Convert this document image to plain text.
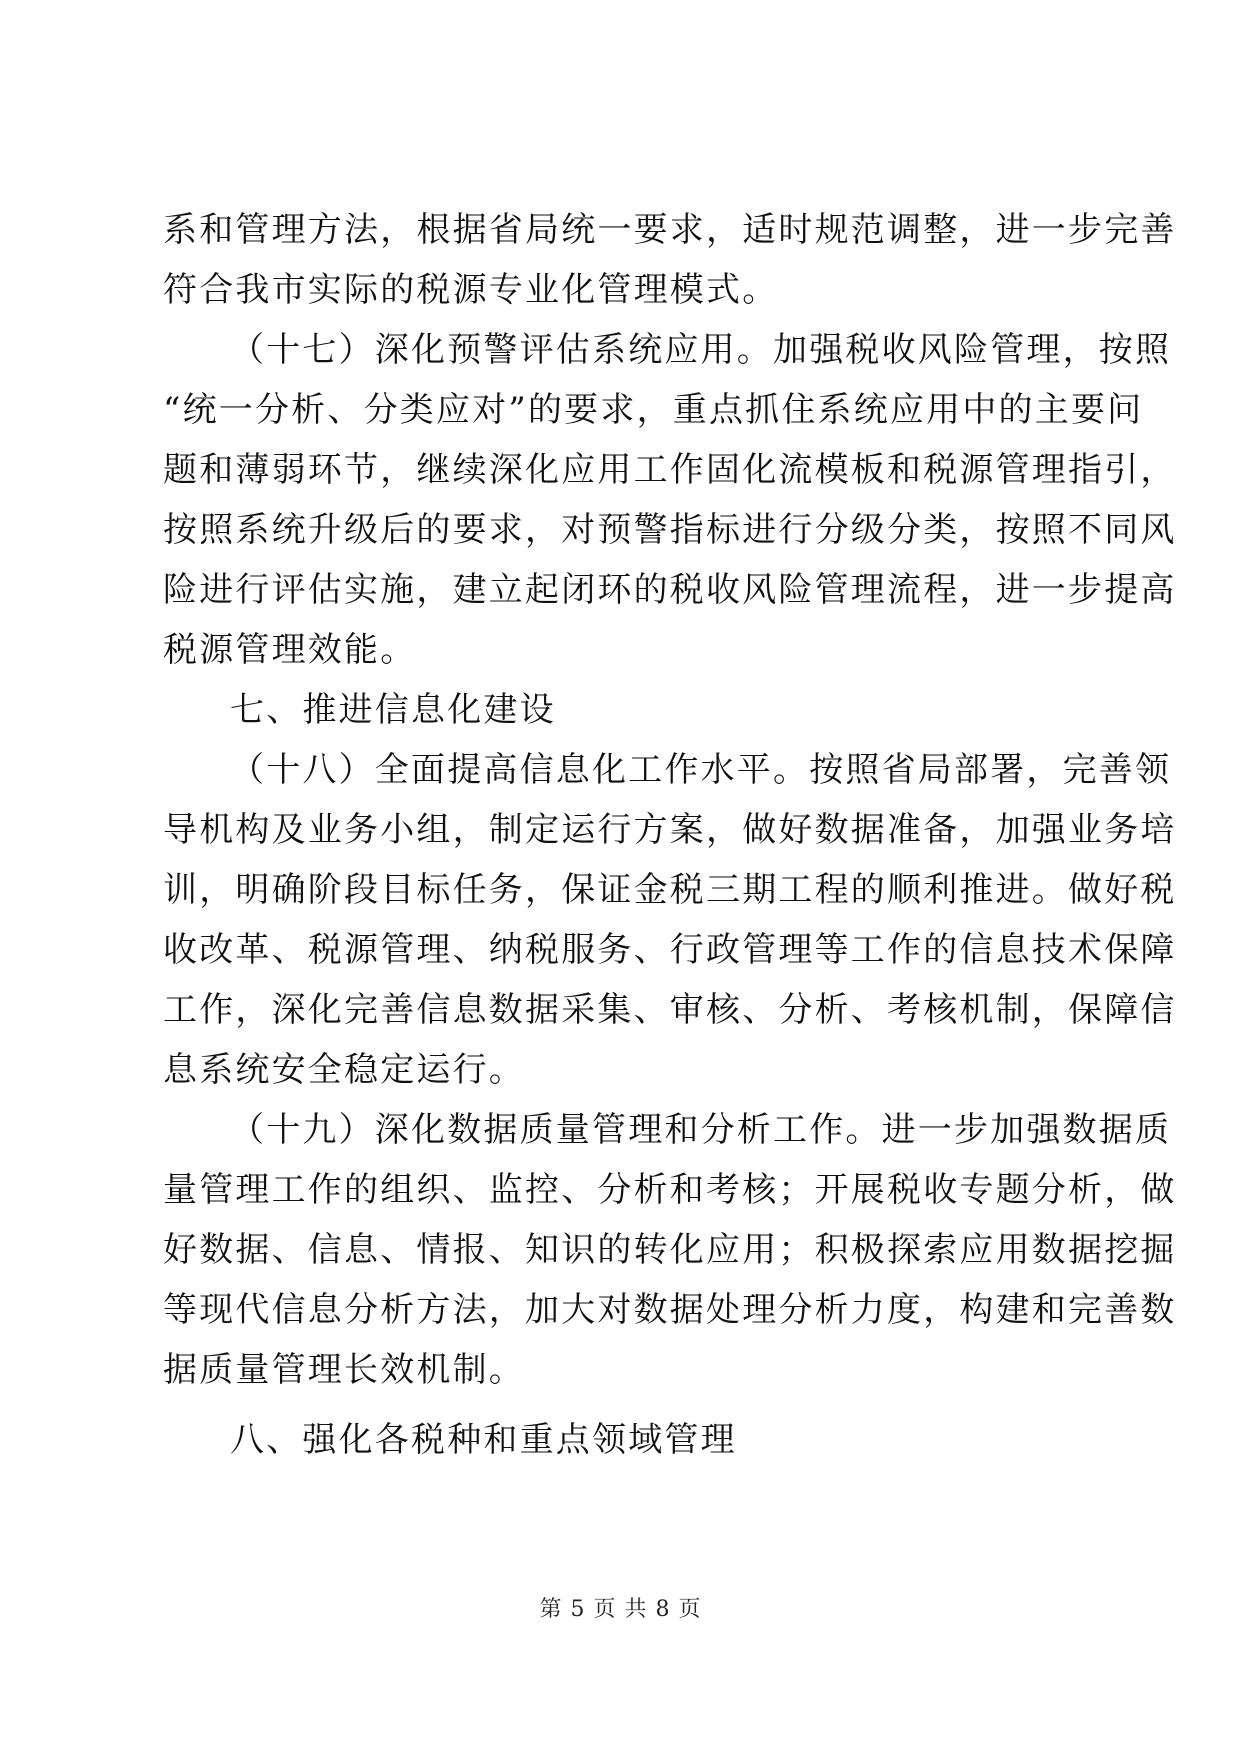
系和管理方法，根据省局统一要求，适时规范调整，进一步完善
符合我市实际的税源专业化管理模式。
（十七）深化预警评估系统应用。加强税收风险管理，按照
“统一分析、分类应对”的要求，重点抓住系统应用中的主要问
题和薄弱环节，继续深化应用工作固化流模板和税源管理指引，
按照系统升级后的要求，对预警指标进行分级分类，按照不同风
险进行评估实施，建立起闭环的税收风险管理流程，进一步提高
税源管理效能。
七、推进信息化建设
（十八）全面提高信息化工作水平。按照省局部署，完善领
导机构及业务小组，制定运行方案，做好数据准备，加强业务培
训，明确阶段目标任务，保证金税三期工程的顺利推进。做好税
收改革、税源管理、纳税服务、行政管理等工作的信息技术保障
工作，深化完善信息数据采集、审核、分析、考核机制，保障信
息系统安全稳定运行。
（十九）深化数据质量管理和分析工作。进一步加强数据质
量管理工作的组织、监控、分析和考核；开展税收专题分析，做
好数据、信息、情报、知识的转化应用；积极探索应用数据挖掘
等现代信息分析方法，加大对数据处理分析力度，构建和完善数
据质量管理长效机制。
八、强化各税种和重点领域管理
第 5 页 共 8 页
